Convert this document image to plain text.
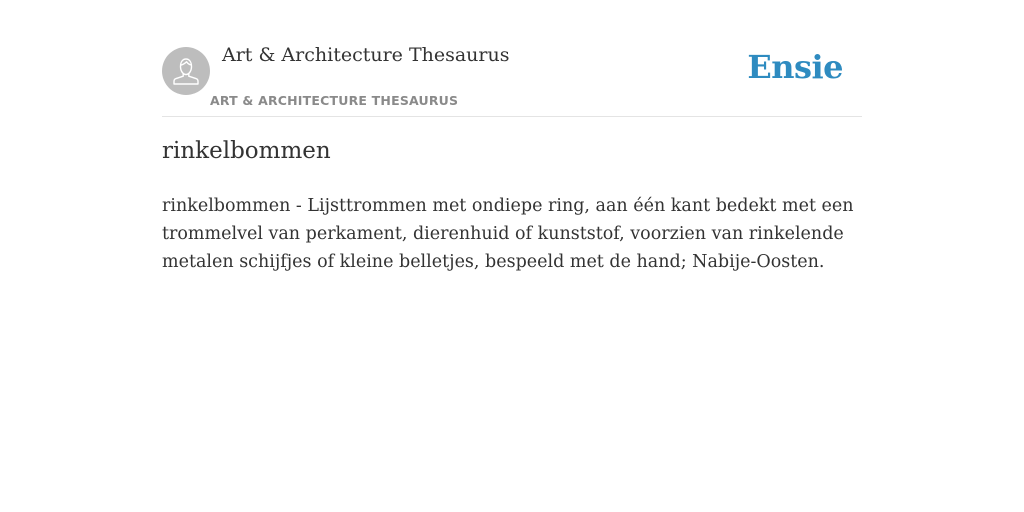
Art & Architecture Thesaurus
ART & ARCHITECTURE THESAURUS
Ensie
rinkelbommen

rinkelbommen - Lijsttrommen met ondiepe ring, aan één kant bedekt met een trommelvel van perkament, dierenhuid of kunststof, voorzien van rinkelende metalen schijfjes of kleine belletjes, bespeeld met de hand; Nabije-Oosten.
